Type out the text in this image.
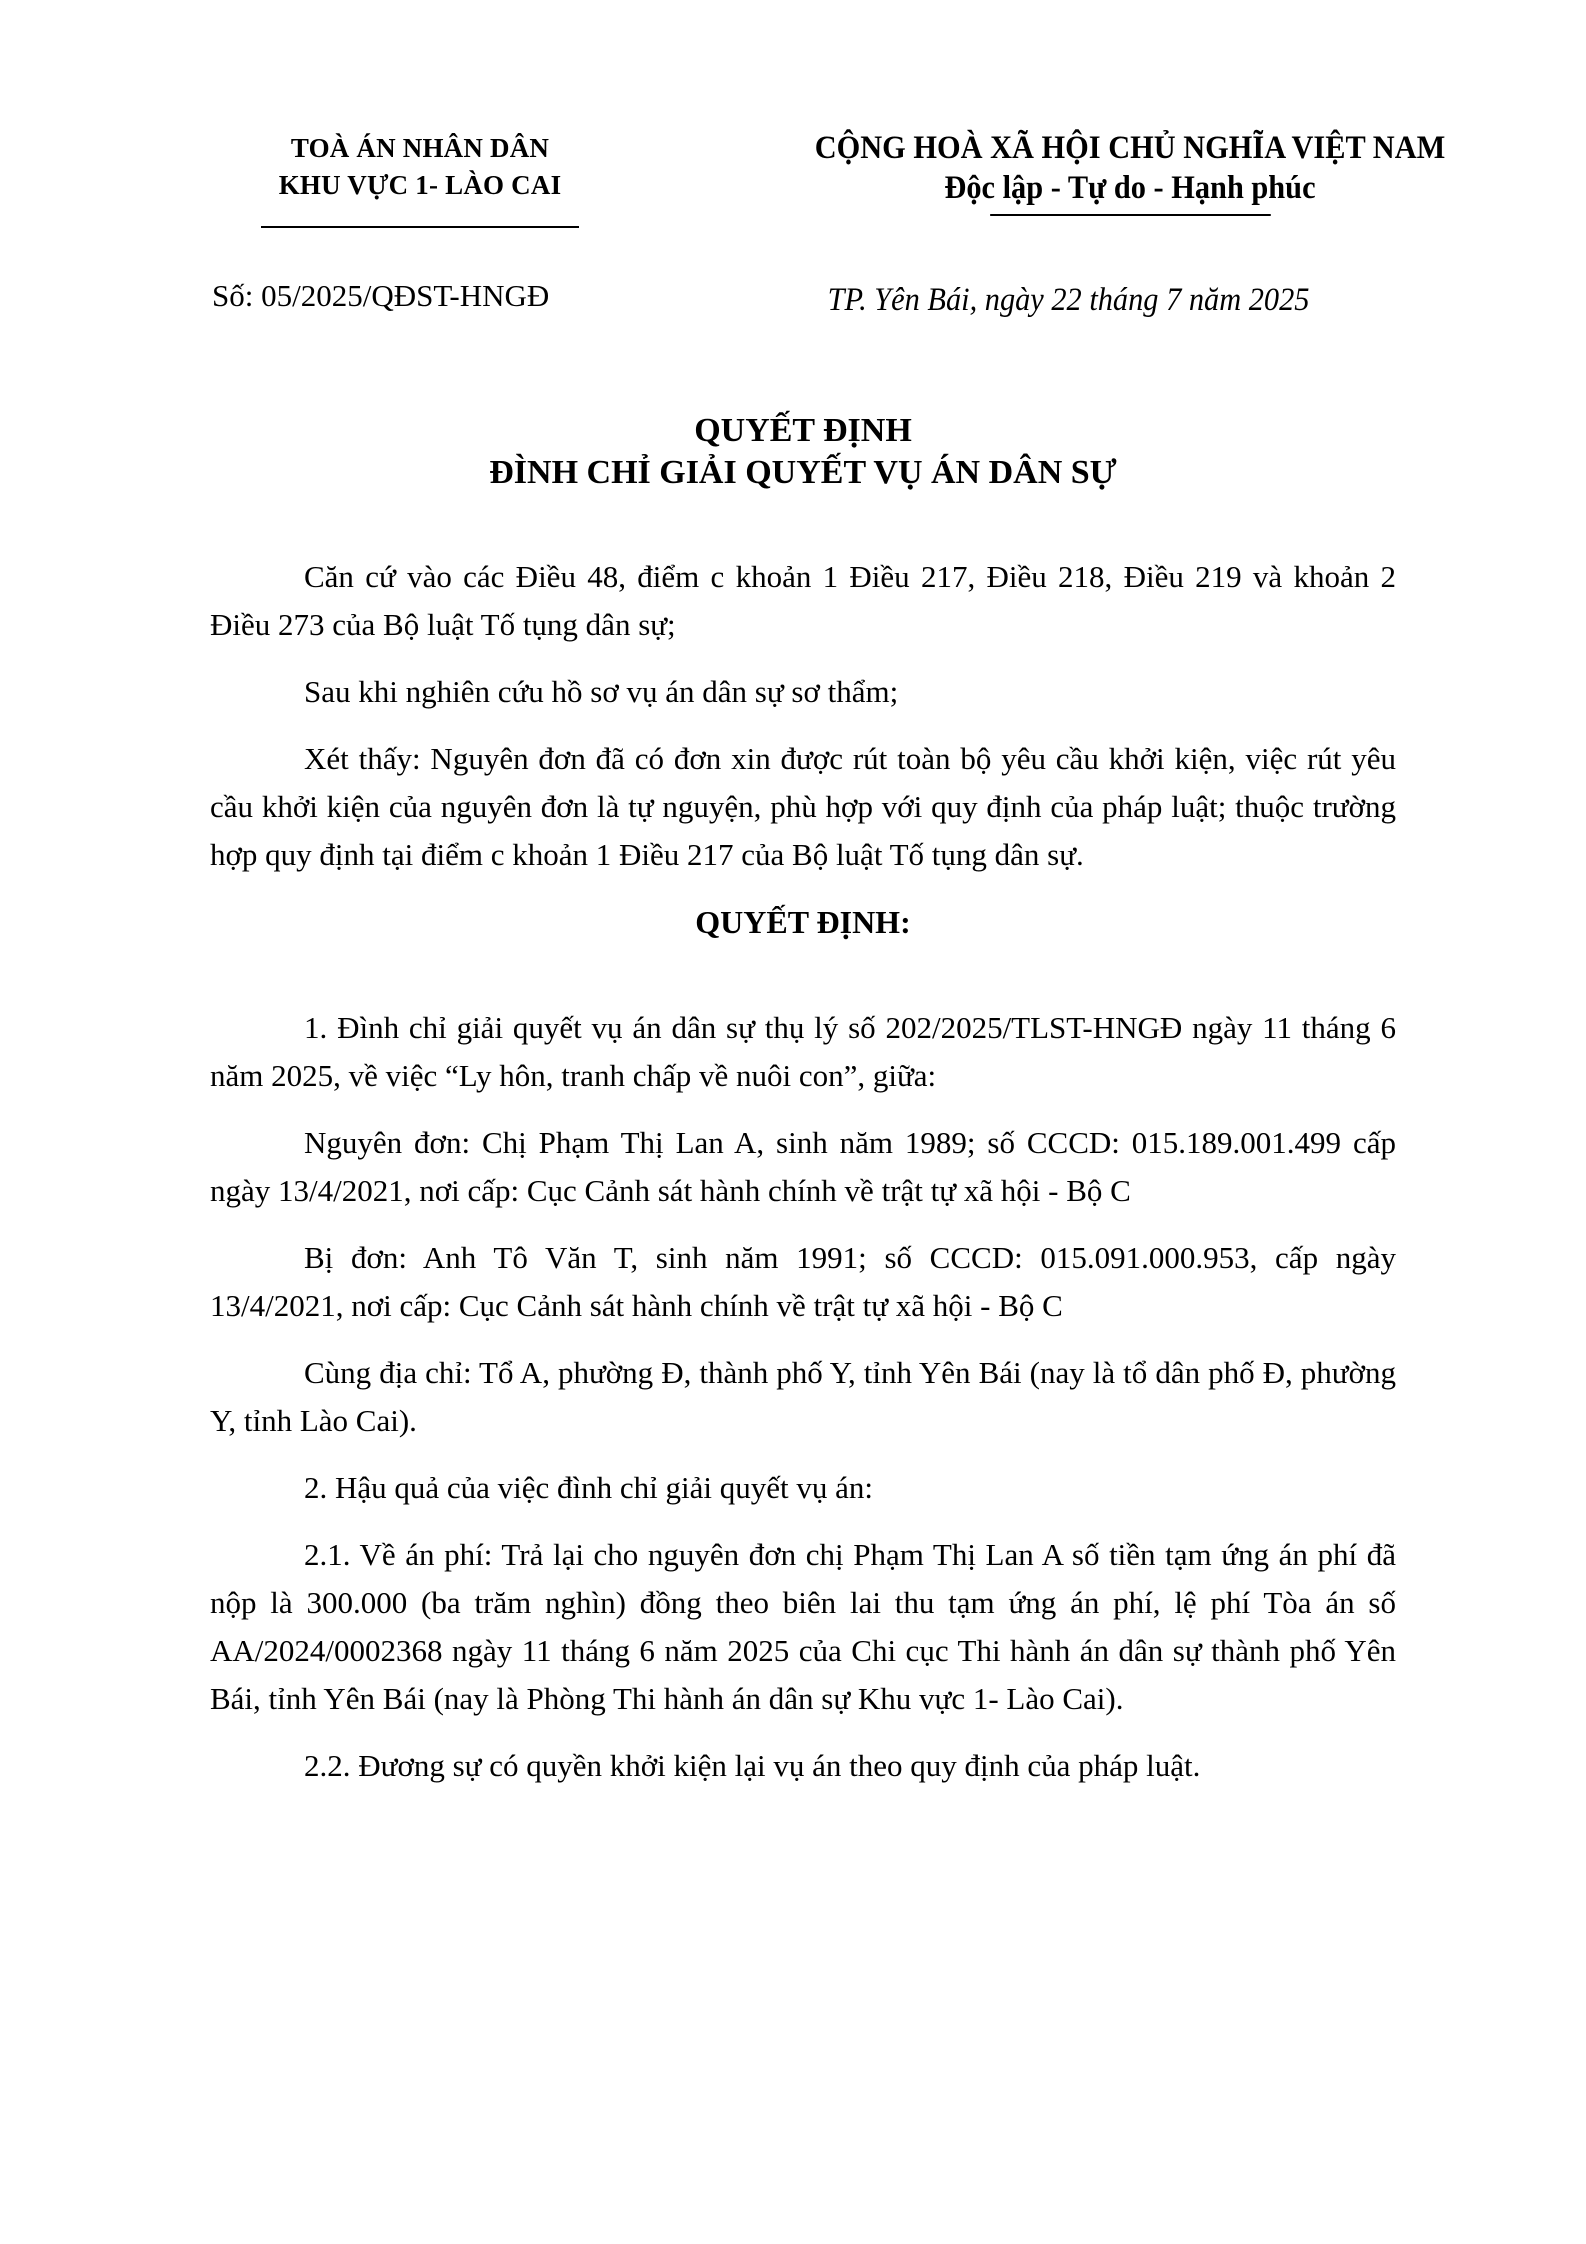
TOÀ ÁN NHÂN DÂN
KHU VỰC 1- LÀO CAI
CỘNG HOÀ XÃ HỘI CHỦ NGHĨA VIỆT NAM
Độc lập - Tự do - Hạnh phúc
Số: 05/2025/QĐST-HNGĐ	TP. Yên Bái, ngày 22 tháng 7 năm 2025
QUYẾT ĐỊNH
ĐÌNH CHỈ GIẢI QUYẾT VỤ ÁN DÂN SỰ

Căn cứ vào các Điều 48, điểm c khoản 1 Điều 217, Điều 218, Điều 219 và khoản 2 Điều 273 của Bộ luật Tố tụng dân sự;

Sau khi nghiên cứu hồ sơ vụ án dân sự sơ thẩm;

Xét thấy: Nguyên đơn đã có đơn xin được rút toàn bộ yêu cầu khởi kiện, việc rút yêu cầu khởi kiện của nguyên đơn là tự nguyện, phù hợp với quy định của pháp luật; thuộc trường hợp quy định tại điểm c khoản 1 Điều 217 của Bộ luật Tố tụng dân sự.

QUYẾT ĐỊNH:

1. Đình chỉ giải quyết vụ án dân sự thụ lý số 202/2025/TLST-HNGĐ ngày 11 tháng 6 năm 2025, về việc “Ly hôn, tranh chấp về nuôi con”, giữa:

Nguyên đơn: Chị Phạm Thị Lan A, sinh năm 1989; số CCCD: 015.189.001.499 cấp ngày 13/4/2021, nơi cấp: Cục Cảnh sát hành chính về trật tự xã hội - Bộ C

Bị đơn: Anh Tô Văn T, sinh năm 1991; số CCCD: 015.091.000.953, cấp ngày 13/4/2021, nơi cấp: Cục Cảnh sát hành chính về trật tự xã hội - Bộ C

Cùng địa chỉ: Tổ A, phường Đ, thành phố Y, tỉnh Yên Bái (nay là tổ dân phố Đ, phường Y, tỉnh Lào Cai).

2. Hậu quả của việc đình chỉ giải quyết vụ án:

2.1. Về án phí: Trả lại cho nguyên đơn chị Phạm Thị Lan A số tiền tạm ứng án phí đã nộp là 300.000 (ba trăm nghìn) đồng theo biên lai thu tạm ứng án phí, lệ phí Tòa án số AA/2024/0002368 ngày 11 tháng 6 năm 2025 của Chi cục Thi hành án dân sự thành phố Yên Bái, tỉnh Yên Bái (nay là Phòng Thi hành án dân sự Khu vực 1- Lào Cai).

2.2. Đương sự có quyền khởi kiện lại vụ án theo quy định của pháp luật.
